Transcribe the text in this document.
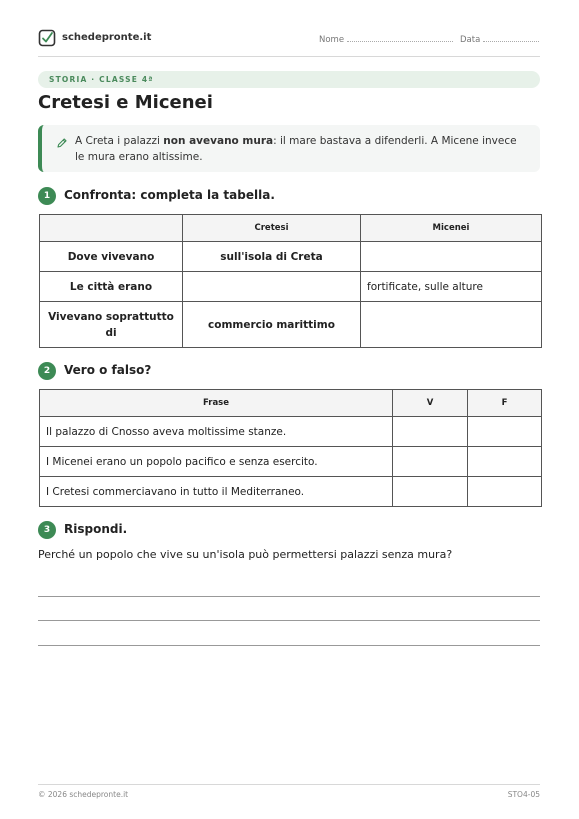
schedepronte.it	Nome	Data
STORIA · CLASSE 4ª
Cretesi e Micenei
A Creta i palazzi non avevano mura: il mare bastava a difenderli. A Micene invece le mura erano altissime.
1	Confronta: completa la tabella.
	Cretesi	Micenei
Dove vivevano	sull'isola di Creta	
Le città erano		fortificate, sulle alture
Vivevano soprattutto di	commercio marittimo	
2	Vero o falso?
Frase	V	F
Il palazzo di Cnosso aveva moltissime stanze.		
I Micenei erano un popolo pacifico e senza esercito.		
I Cretesi commerciavano in tutto il Mediterraneo.		
3	Rispondi.
Perché un popolo che vive su un'isola può permettersi palazzi senza mura?
© 2026 schedepronte.it	STO4-05
